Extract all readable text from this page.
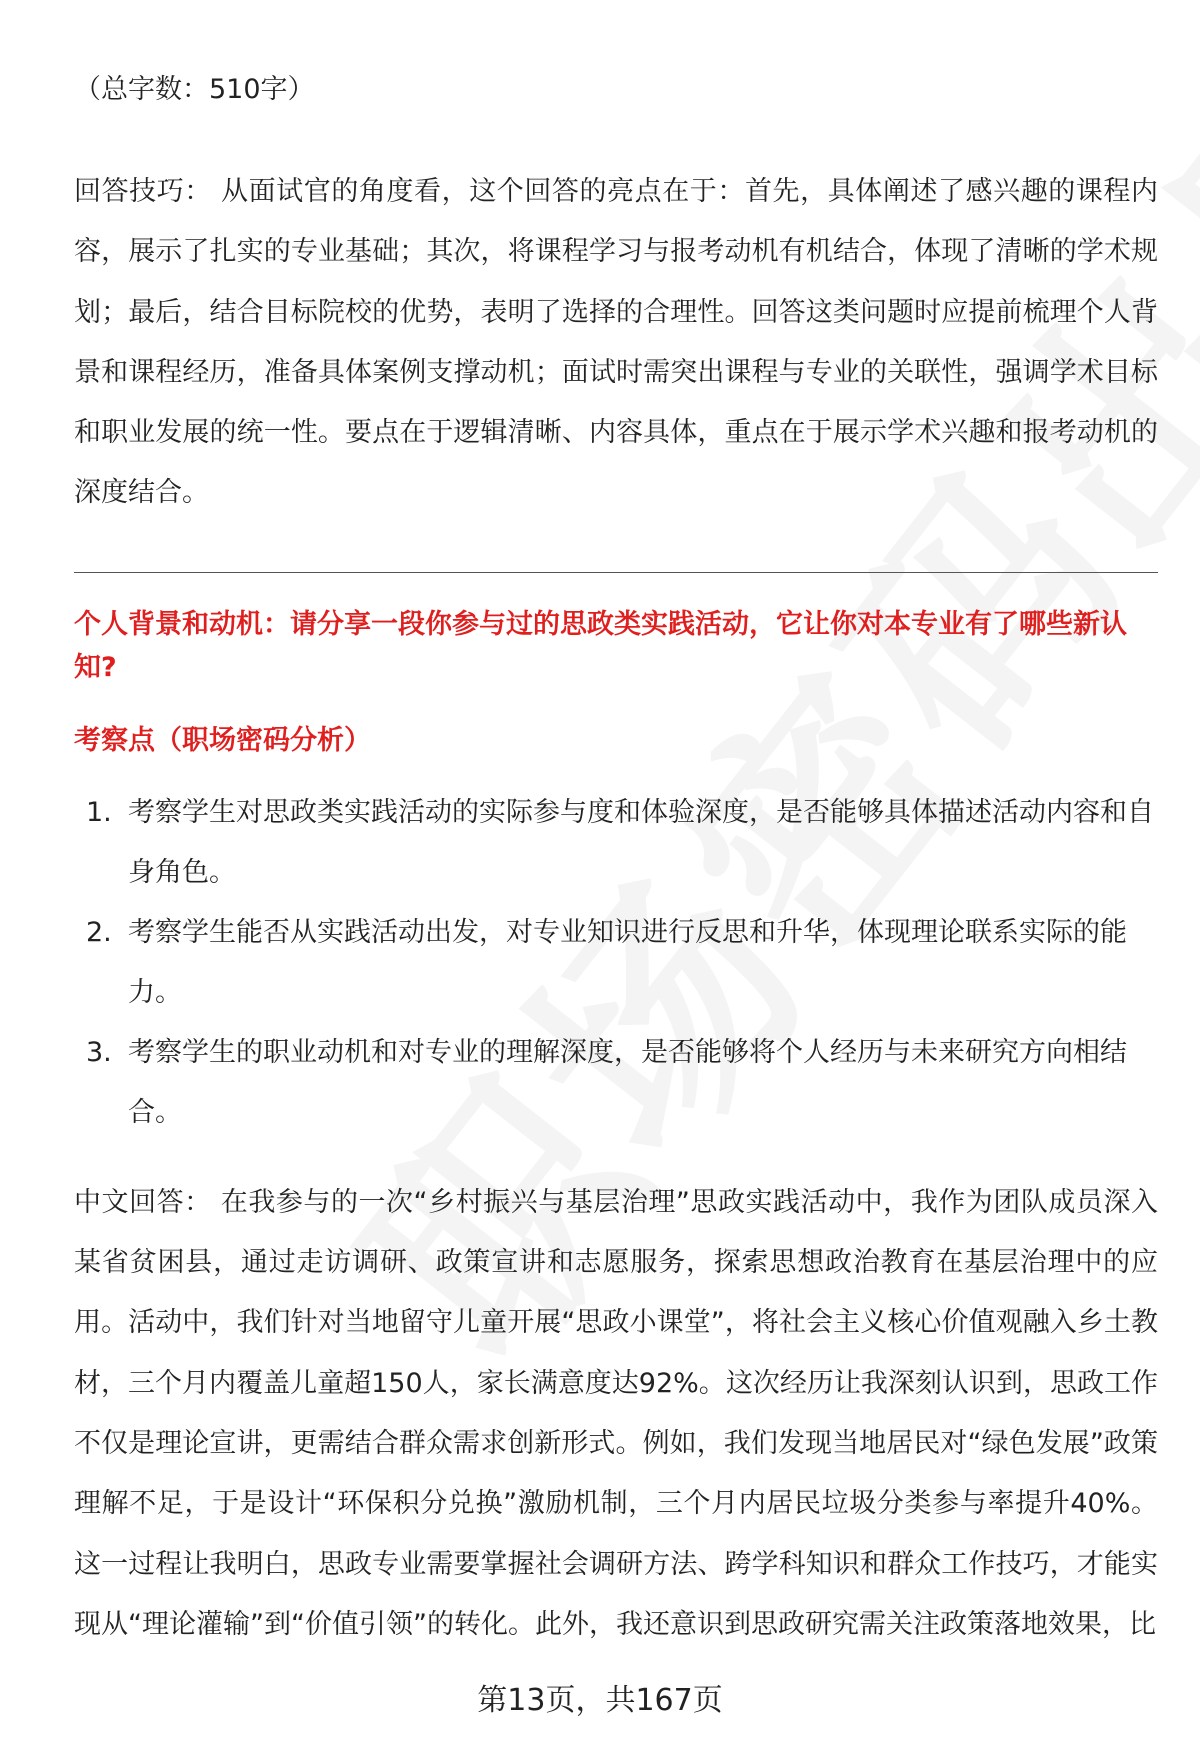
（总字数：510字）

回答技巧： 从面试官的角度看，这个回答的亮点在于：首先，具体阐述了感兴趣的课程内容，展示了扎实的专业基础；其次，将课程学习与报考动机有机结合，体现了清晰的学术规划；最后，结合目标院校的优势，表明了选择的合理性。回答这类问题时应提前梳理个人背景和课程经历，准备具体案例支撑动机；面试时需突出课程与专业的关联性，强调学术目标和职业发展的统一性。要点在于逻辑清晰、内容具体，重点在于展示学术兴趣和报考动机的深度结合。

个人背景和动机：请分享一段你参与过的思政类实践活动，它让你对本专业有了哪些新认知?

考察点（职场密码分析）

1. 考察学生对思政类实践活动的实际参与度和体验深度，是否能够具体描述活动内容和自身角色。
2. 考察学生能否从实践活动出发，对专业知识进行反思和升华，体现理论联系实际的能力。
3. 考察学生的职业动机和对专业的理解深度，是否能够将个人经历与未来研究方向相结合。

中文回答： 在我参与的一次“乡村振兴与基层治理”思政实践活动中，我作为团队成员深入某省贫困县，通过走访调研、政策宣讲和志愿服务，探索思想政治教育在基层治理中的应用。活动中，我们针对当地留守儿童开展“思政小课堂”，将社会主义核心价值观融入乡土教材，三个月内覆盖儿童超150人，家长满意度达92%。这次经历让我深刻认识到，思政工作不仅是理论宣讲，更需结合群众需求创新形式。例如，我们发现当地居民对“绿色发展”政策理解不足，于是设计“环保积分兑换”激励机制，三个月内居民垃圾分类参与率提升40%。这一过程让我明白，思政专业需要掌握社会调研方法、跨学科知识和群众工作技巧，才能实现从“理论灌输”到“价值引领”的转化。此外，我还意识到思政研究需关注政策落地效果，比

第13页，共167页
